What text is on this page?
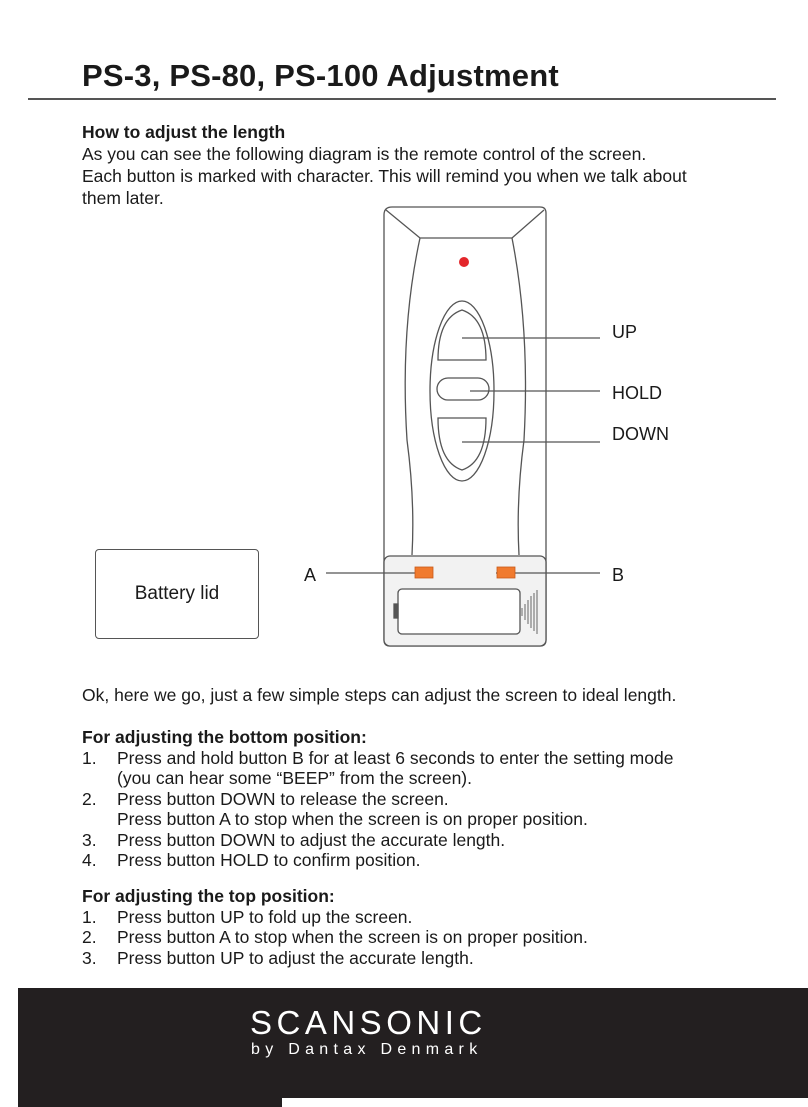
PS-3, PS-80, PS-100 Adjustment
How to adjust the length
As you can see the following diagram is the remote control of the screen.
Each button is marked with character. This will remind you when we talk about
them later.
UP
HOLD
DOWN
A	B
Battery lid
Ok, here we go, just a few simple steps can adjust the screen to ideal length.
For adjusting the bottom position:
1. Press and hold button B for at least 6 seconds to enter the setting mode
(you can hear some “BEEP” from the screen).
2. Press button DOWN to release the screen.
Press button A to stop when the screen is on proper position.
3. Press button DOWN to adjust the accurate length.
4. Press button HOLD to confirm position.
For adjusting the top position:
1. Press button UP to fold up the screen.
2. Press button A to stop when the screen is on proper position.
3. Press button UP to adjust the accurate length.
SCANSONIC
by Dantax Denmark
